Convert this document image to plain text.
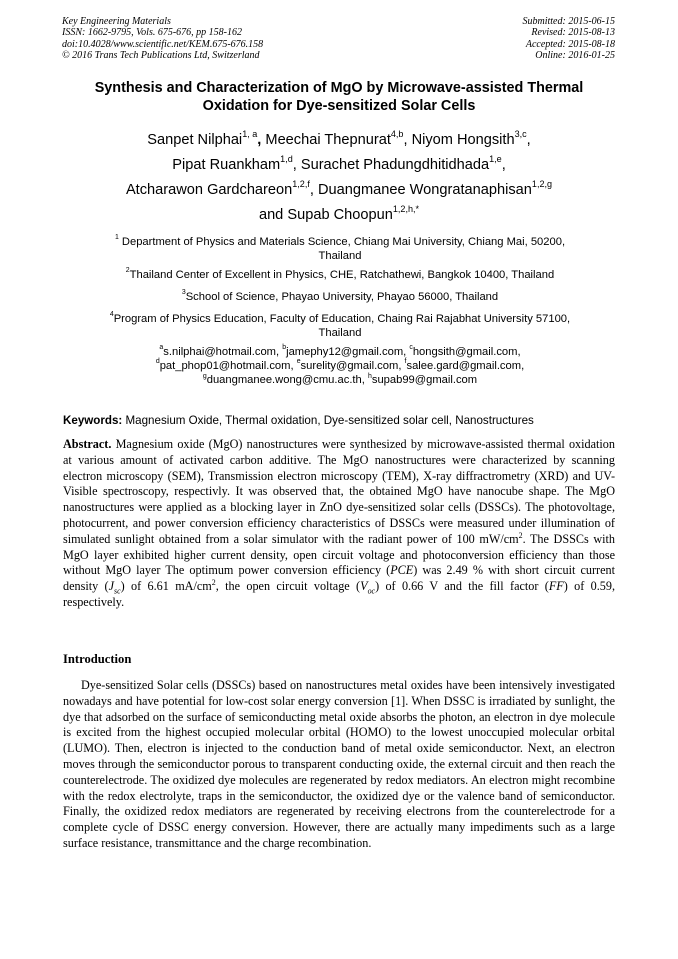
Key Engineering Materials
ISSN: 1662-9795, Vols. 675-676, pp 158-162
doi:10.4028/www.scientific.net/KEM.675-676.158
© 2016 Trans Tech Publications Ltd, Switzerland
Submitted: 2015-06-15
Revised: 2015-08-13
Accepted: 2015-08-18
Online: 2016-01-25
Synthesis and Characterization of MgO by Microwave-assisted Thermal
Oxidation for Dye-sensitized Solar Cells
Sanpet Nilphai$^{1, a}$, Meechai Thepnurat$^{4,b}$, Niyom Hongsith$^{3,c}$,
Pipat Ruankham$^{1,d}$, Surachet Phadungdhitidhada$^{1,e}$,
Atcharawon Gardchareon$^{1,2,f}$, Duangmanee Wongratanaphisan$^{1,2,g}$
and Supab Choopun$^{1,2,h,*}$
$^1$ Department of Physics and Materials Science, Chiang Mai University, Chiang Mai, 50200,
Thailand
$^2$Thailand Center of Excellent in Physics, CHE, Ratchathewi, Bangkok 10400, Thailand
$^3$School of Science, Phayao University, Phayao 56000, Thailand
$^4$Program of Physics Education, Faculty of Education, Chaing Rai Rajabhat University 57100,
Thailand
$^a$s.nilphai@hotmail.com, $^b$jamephy12@gmail.com, $^c$hongsith@gmail.com,
$^d$pat_phop01@hotmail.com, $^e$surelity@gmail.com, $^f$salee.gard@gmail.com,
$^g$duangmanee.wong@cmu.ac.th, $^h$supab99@gmail.com
Keywords: Magnesium Oxide, Thermal oxidation, Dye-sensitized solar cell, Nanostructures
Abstract. Magnesium oxide (MgO) nanostructures were synthesized by microwave-assisted thermal oxidation at various amount of activated carbon additive. The MgO nanostructures were characterized by scanning electron microscopy (SEM), Transmission electron microscopy (TEM), X-ray diffractrometry (XRD) and UV-Visible spectroscopy, respectivly. It was observed that, the obtained MgO have nanocube shape. The MgO nanostructures were applied as a blocking layer in ZnO dye-sensitized solar cells (DSSCs). The photovoltage, photocurrent, and power conversion efficiency characteristics of DSSCs were measured under illumination of simulated sunlight obtained from a solar simulator with the radiant power of 100 $mW/cm^2$. The DSSCs with MgO layer exhibited higher current density, open circuit voltage and photoconversion efficiency than those without MgO layer The optimum power conversion efficiency (PCE) was 2.49 % with short circuit current density $(J_{sc})$ of 6.61 $mA/cm^2$, the open circuit voltage $(V_{oc})$ of 0.66 V and the fill factor (FF) of 0.59, respectively.
Introduction
Dye-sensitized Solar cells (DSSCs) based on nanostructures metal oxides have been intensively investigated nowadays and have potential for low-cost solar energy conversion [1]. When DSSC is irradiated by sunlight, the dye that adsorbed on the surface of semiconducting metal oxide absorbs the photon, an electron in dye molecule is excited from the highest occupied molecular orbital (HOMO) to the lowest unoccupied molecular orbital (LUMO). Then, electron is injected to the conduction band of metal oxide semiconductor. Next, an electron moves through the semiconductor porous to transparent conducting oxide, the external circuit and then reach the counterelectrode. The oxidized dye molecules are regenerated by redox mediators. An electron might recombine with the redox electrolyte, traps in the semiconductor, the oxidized dye or the valence band of semiconductor. Finally, the oxidized redox mediators are regenerated by receiving electrons from the counterelectrode for a complete cycle of DSSC energy conversion. However, there are actually many impediments such as a large surface resistance, transmittance and the charge recombination.
